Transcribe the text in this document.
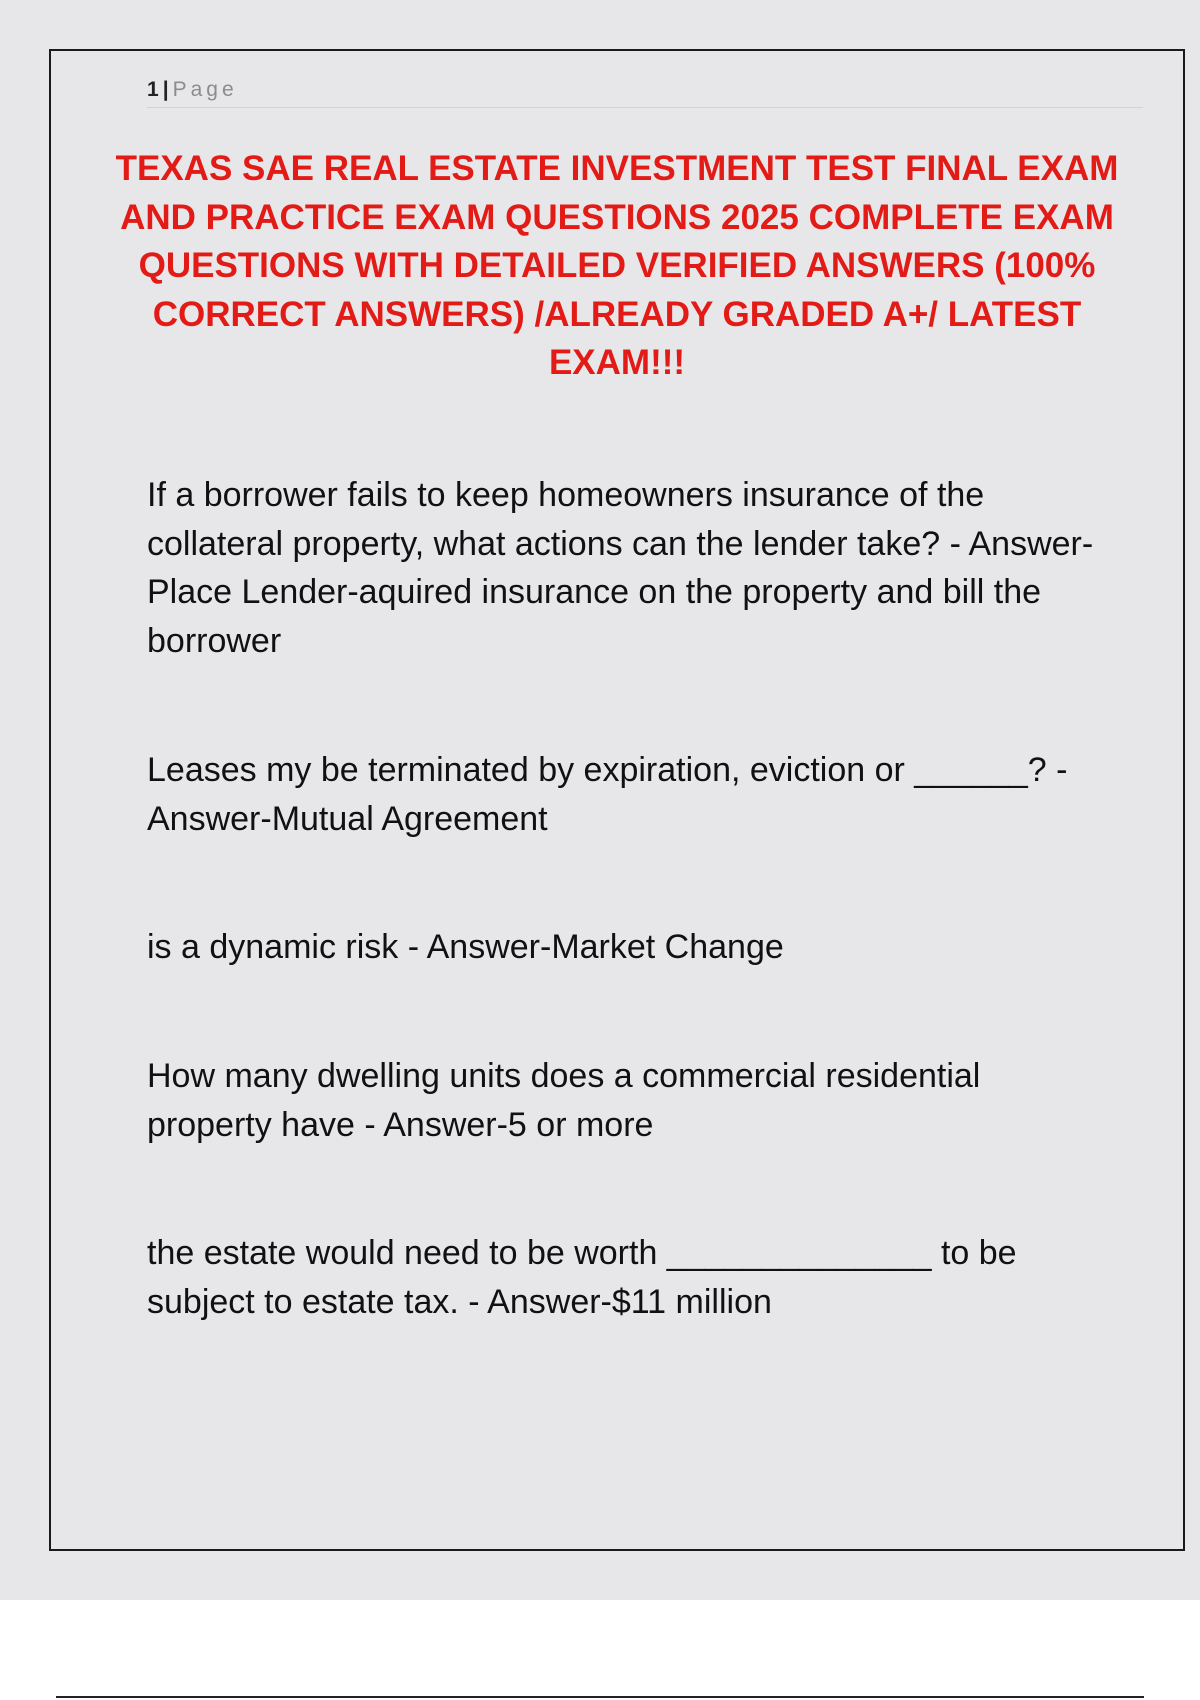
1 | Page
TEXAS SAE REAL ESTATE INVESTMENT TEST FINAL EXAM AND PRACTICE EXAM QUESTIONS 2025 COMPLETE EXAM QUESTIONS WITH DETAILED VERIFIED ANSWERS (100% CORRECT ANSWERS) /ALREADY GRADED A+/ LATEST EXAM!!!
If a borrower fails to keep homeowners insurance of the collateral property, what actions can the lender take? - Answer-Place Lender-aquired insurance on the property and bill the borrower
Leases my be terminated by expiration, eviction or ______? - Answer-Mutual Agreement
is a dynamic risk - Answer-Market Change
How many dwelling units does a commercial residential property have - Answer-5 or more
the estate would need to be worth ______________ to be subject to estate tax. - Answer-$11 million
